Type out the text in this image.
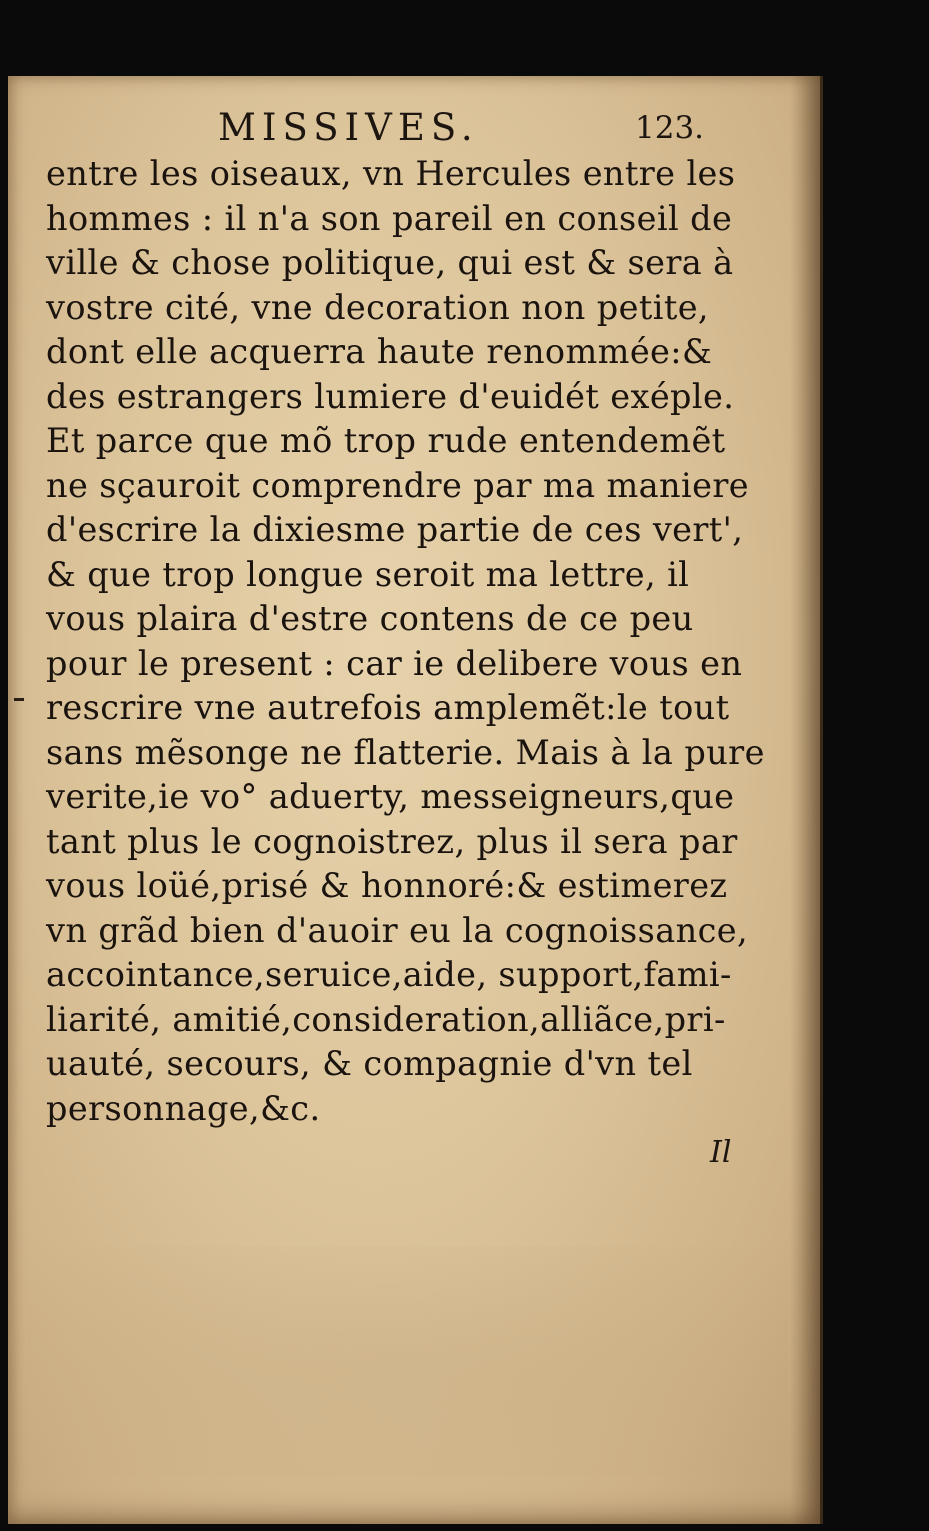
MISSIVES.	123.
entre les oiseaux, vn Hercules entre les
hommes : il n'a son pareil en conseil de
ville & chose politique, qui est & sera à
vostre cité, vne decoration non petite,
dont elle acquerra haute renommée:&
des estrangers lumiere d'euidét exéple.
Et parce que mõ trop rude entendemẽt
ne sçauroit comprendre par ma maniere
d'escrire la dixiesme partie de ces vert',
& que trop longue seroit ma lettre, il
vous plaira d'estre contens de ce peu
pour le present : car ie delibere vous en
rescrire vne autrefois amplemẽt:le tout
sans mẽsonge ne flatterie. Mais à la pure
verite,ie vo° aduerty, messeigneurs,que
tant plus le cognoistrez, plus il sera par
vous loüé,prisé & honnoré:& estimerez
vn grãd bien d'auoir eu la cognoissance,
accointance,seruice,aide, support,fami-
liarité, amitié,consideration,alliãce,pri-
uauté, secours, & compagnie d'vn tel
personnage,&c.
Il
